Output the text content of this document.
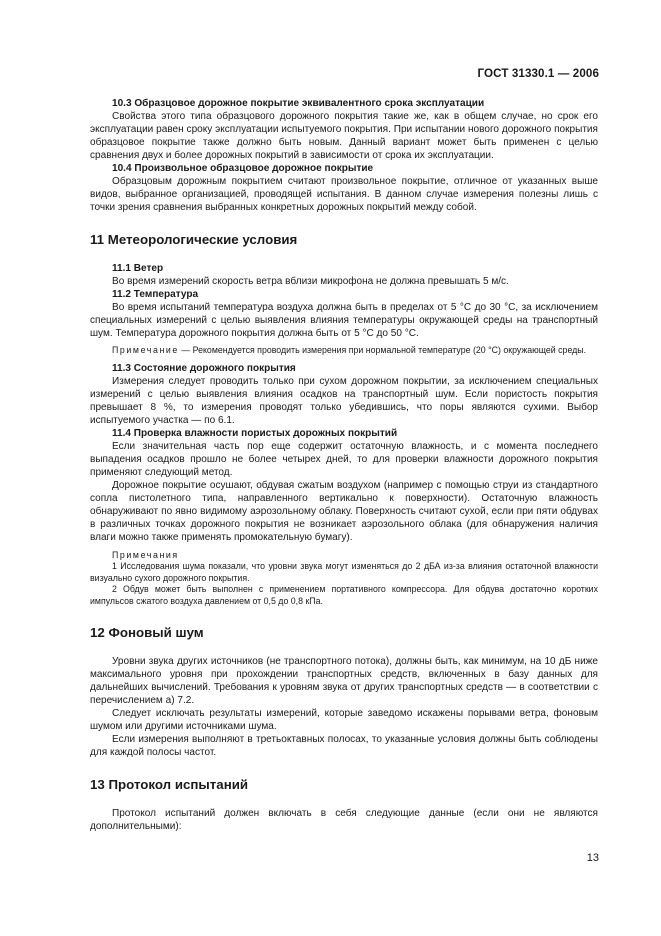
ГОСТ 31330.1 — 2006

10.3 Образцовое дорожное покрытие эквивалентного срока эксплуатации

Свойства этого типа образцового дорожного покрытия такие же, как в общем случае, но срок его эксплуатации равен сроку эксплуатации испытуемого покрытия. При испытании нового дорожного покрытия образцовое покрытие также должно быть новым. Данный вариант может быть применен с целью сравнения двух и более дорожных покрытий в зависимости от срока их эксплуатации.

10.4 Произвольное образцовое дорожное покрытие

Образцовым дорожным покрытием считают произвольное покрытие, отличное от указанных выше видов, выбранное организацией, проводящей испытания. В данном случае измерения полезны лишь с точки зрения сравнения выбранных конкретных дорожных покрытий между собой.

11 Метеорологические условия

11.1 Ветер

Во время измерений скорость ветра вблизи микрофона не должна превышать 5 м/с.

11.2 Температура

Во время испытаний температура воздуха должна быть в пределах от 5 °С до 30 °С, за исключением специальных измерений с целью выявления влияния температуры окружающей среды на транспортный шум. Температура дорожного покрытия должна быть от 5 °С до 50 °С.

Примечание — Рекомендуется проводить измерения при нормальной температуре (20 °С) окружающей среды.

11.3 Состояние дорожного покрытия

Измерения следует проводить только при сухом дорожном покрытии, за исключением специальных измерений с целью выявления влияния осадков на транспортный шум. Если пористость покрытия превышает 8 %, то измерения проводят только убедившись, что поры являются сухими. Выбор испытуемого участка — по 6.1.

11.4 Проверка влажности пористых дорожных покрытий

Если значительная часть пор еще содержит остаточную влажность, и с момента последнего выпадения осадков прошло не более четырех дней, то для проверки влажности дорожного покрытия применяют следующий метод.

Дорожное покрытие осушают, обдувая сжатым воздухом (например с помощью струи из стандартного сопла пистолетного типа, направленного вертикально к поверхности). Остаточную влажность обнаруживают по явно видимому аэрозольному облаку. Поверхность считают сухой, если при пяти обдувах в различных точках дорожного покрытия не возникает аэрозольного облака (для обнаружения наличия влаги можно также применять промокательную бумагу).

Примечания

1 Исследования шума показали, что уровни звука могут изменяться до 2 дБА из-за влияния остаточной влажности визуально сухого дорожного покрытия.

2 Обдув может быть выполнен с применением портативного компрессора. Для обдува достаточно коротких импульсов сжатого воздуха давлением от 0,5 до 0,8 кПа.

12 Фоновый шум

Уровни звука других источников (не транспортного потока), должны быть, как минимум, на 10 дБ ниже максимального уровня при прохождении транспортных средств, включенных в базу данных для дальнейших вычислений. Требования к уровням звука от других транспортных средств — в соответствии с перечислением а) 7.2.

Следует исключать результаты измерений, которые заведомо искажены порывами ветра, фоновым шумом или другими источниками шума.

Если измерения выполняют в третьоктавных полосах, то указанные условия должны быть соблюдены для каждой полосы частот.

13 Протокол испытаний

Протокол испытаний должен включать в себя следующие данные (если они не являются дополнительными):

13
